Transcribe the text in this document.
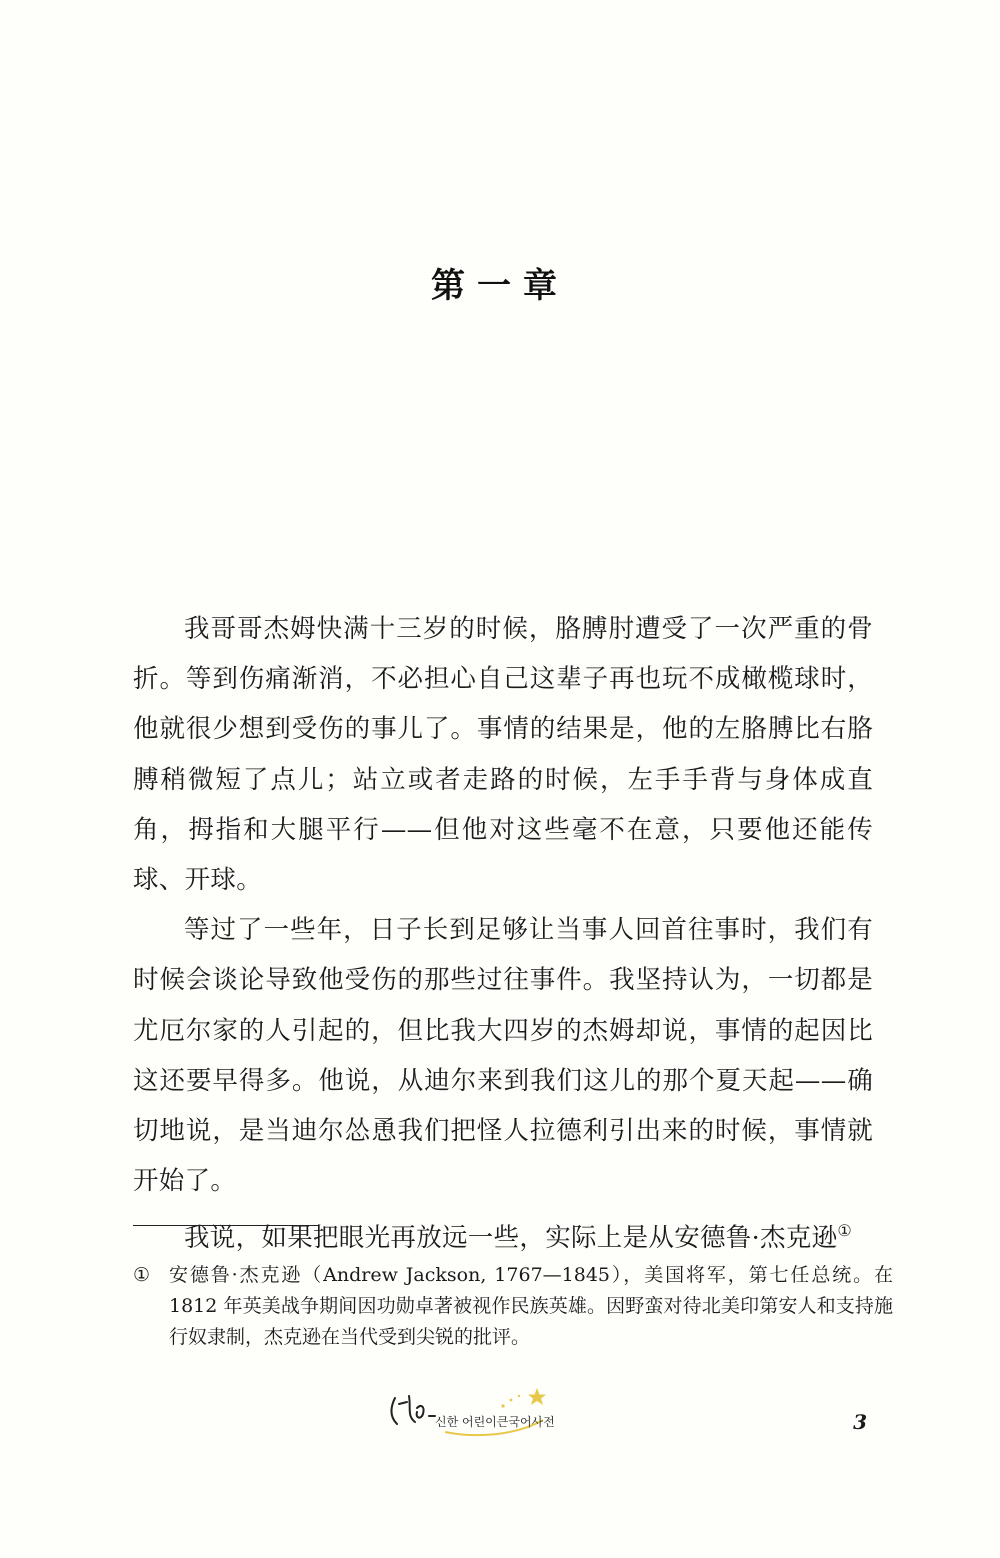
第一章

我哥哥杰姆快满十三岁的时候，胳膊肘遭受了一次严重的骨折。等到伤痛渐消，不必担心自己这辈子再也玩不成橄榄球时，他就很少想到受伤的事儿了。事情的结果是，他的左胳膊比右胳膊稍微短了点儿；站立或者走路的时候，左手手背与身体成直角，拇指和大腿平行——但他对这些毫不在意，只要他还能传球、开球。

等过了一些年，日子长到足够让当事人回首往事时，我们有时候会谈论导致他受伤的那些过往事件。我坚持认为，一切都是尤厄尔家的人引起的，但比我大四岁的杰姆却说，事情的起因比这还要早得多。他说，从迪尔来到我们这儿的那个夏天起——确切地说，是当迪尔怂恿我们把怪人拉德利引出来的时候，事情就开始了。

我说，如果把眼光再放远一些，实际上是从安德鲁·杰克逊①

① 安德鲁·杰克逊（Andrew Jackson, 1767—1845），美国将军，第七任总统。在 1812 年英美战争期间因功勋卓著被视作民族英雄。因野蛮对待北美印第安人和支持施行奴隶制，杰克逊在当代受到尖锐的批评。
신한 어린이큰국어사전	3
